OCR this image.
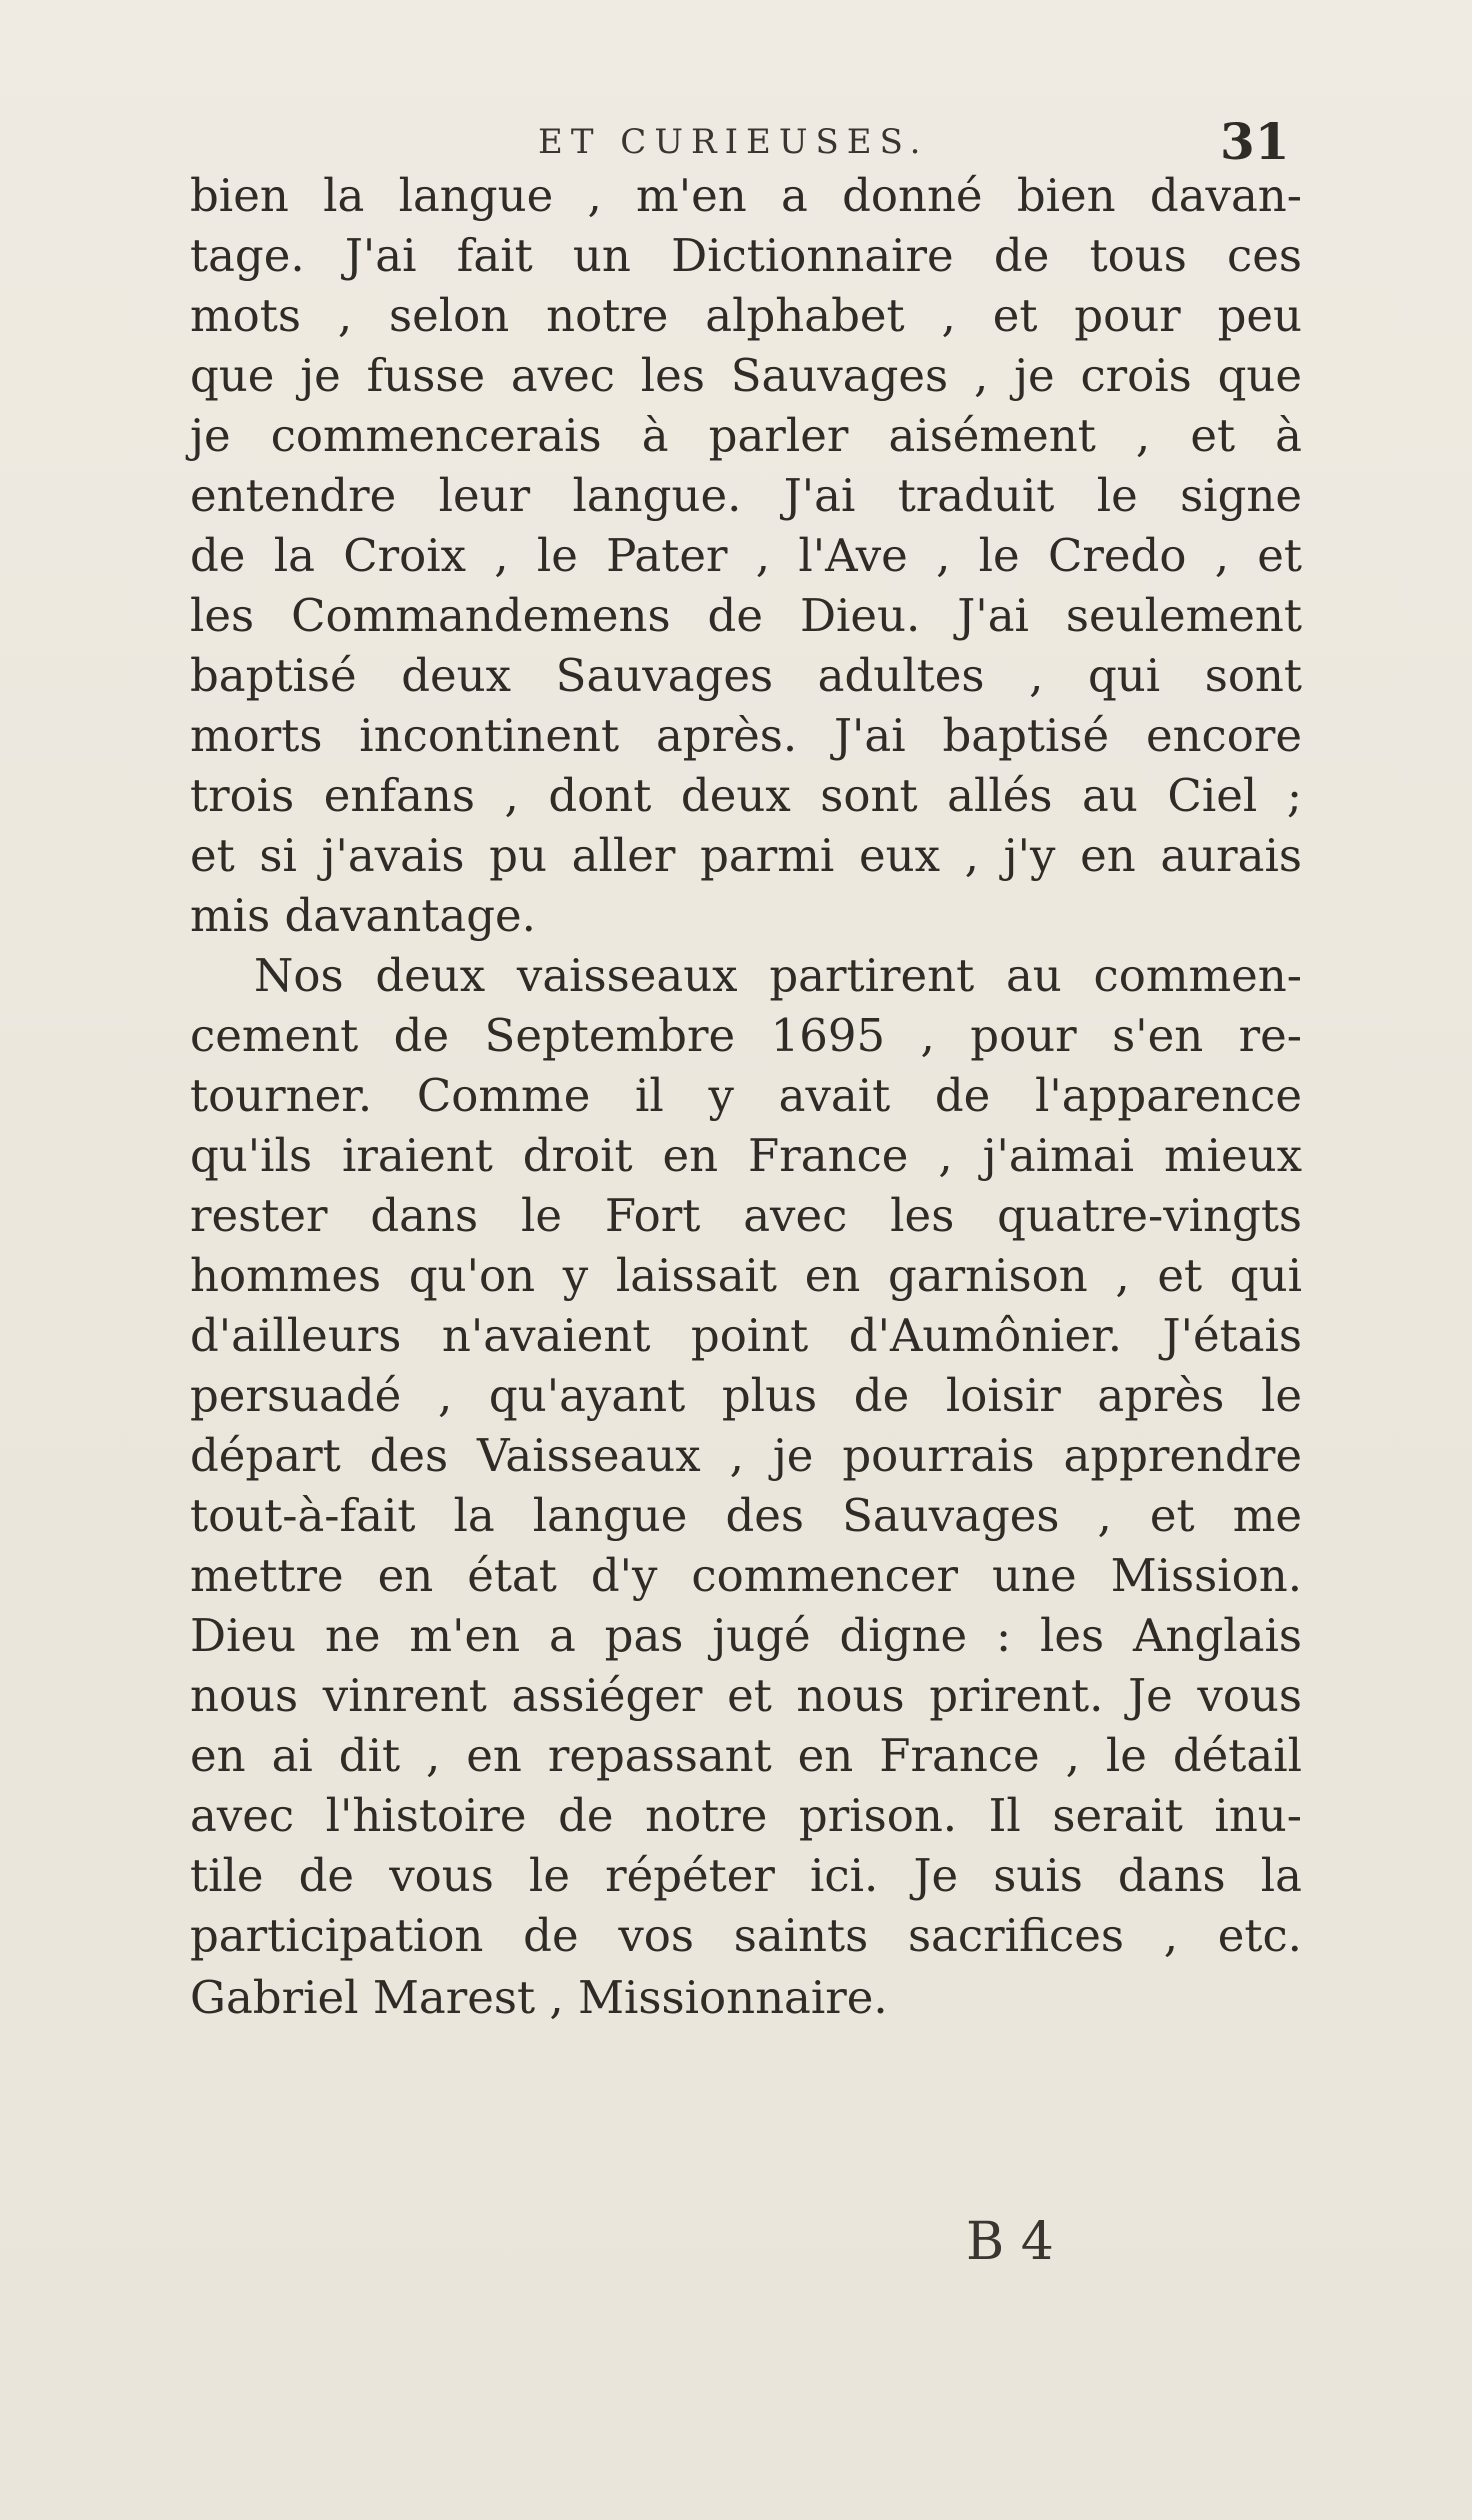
ET CURIEUSES.	31
bien la langue , m'en a donné bien davan-
tage. J'ai fait un Dictionnaire de tous ces
mots , selon notre alphabet , et pour peu
que je fusse avec les Sauvages , je crois que
je commencerais à parler aisément , et à
entendre leur langue. J'ai traduit le signe
de la Croix , le Pater , l'Ave , le Credo , et
les Commandemens de Dieu. J'ai seulement
baptisé deux Sauvages adultes , qui sont
morts incontinent après. J'ai baptisé encore
trois enfans , dont deux sont allés au Ciel ;
et si j'avais pu aller parmi eux , j'y en aurais
mis davantage.
Nos deux vaisseaux partirent au commen-
cement de Septembre 1695 , pour s'en re-
tourner. Comme il y avait de l'apparence
qu'ils iraient droit en France , j'aimai mieux
rester dans le Fort avec les quatre-vingts
hommes qu'on y laissait en garnison , et qui
d'ailleurs n'avaient point d'Aumônier. J'étais
persuadé , qu'ayant plus de loisir après le
départ des Vaisseaux , je pourrais apprendre
tout-à-fait la langue des Sauvages , et me
mettre en état d'y commencer une Mission.
Dieu ne m'en a pas jugé digne : les Anglais
nous vinrent assiéger et nous prirent. Je vous
en ai dit , en repassant en France , le détail
avec l'histoire de notre prison. Il serait inu-
tile de vous le répéter ici. Je suis dans la
participation de vos saints sacrifices , etc.
Gabriel Marest , Missionnaire.
B 4
